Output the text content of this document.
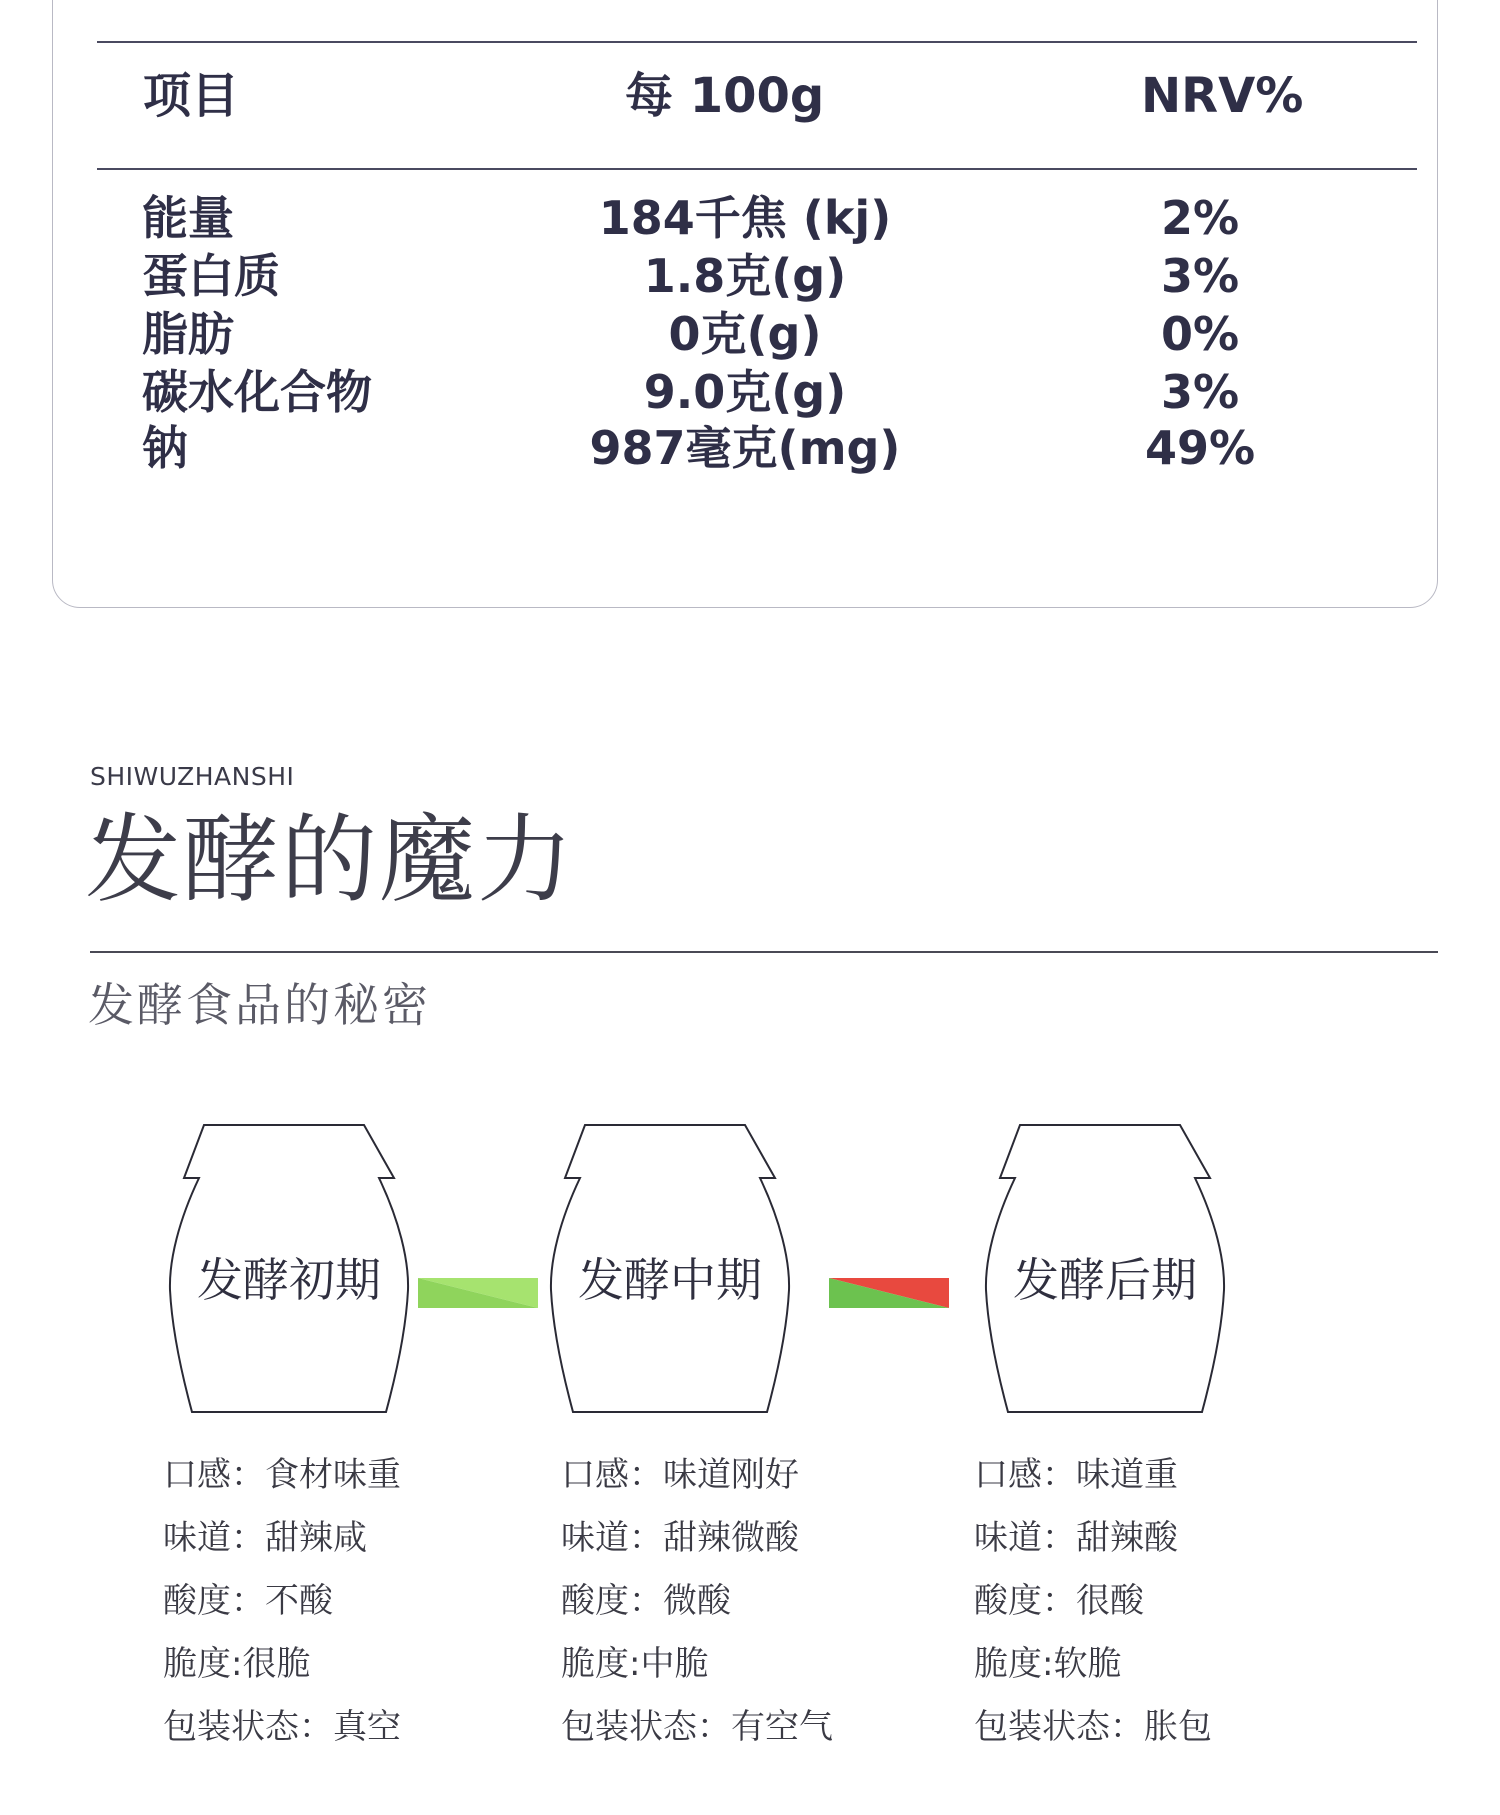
项目	每 100g	NRV%
能量	184千焦 (kj)	2%
蛋白质	1.8克(g)	3%
脂肪	0克(g)	0%
碳水化合物	9.0克(g)	3%
钠	987毫克(mg)	49%
SHIWUZHANSHI
发酵的魔力
发酵食品的秘密
发酵初期	发酵中期	发酵后期
口感：食材味重
味道：甜辣咸
酸度：不酸
脆度:很脆
包装状态：真空
口感：味道刚好
味道：甜辣微酸
酸度：微酸
脆度:中脆
包装状态：有空气
口感：味道重
味道：甜辣酸
酸度：很酸
脆度:软脆
包装状态：胀包
